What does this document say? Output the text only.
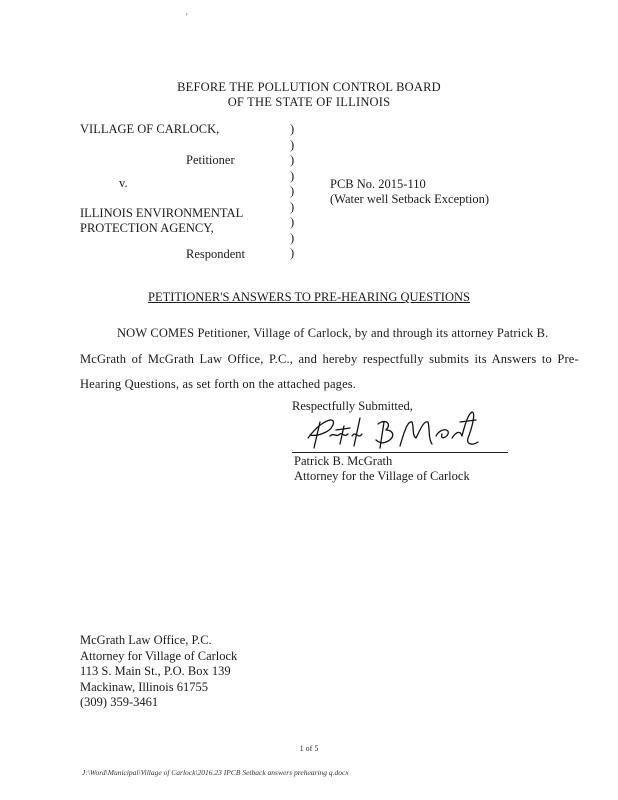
'
BEFORE THE POLLUTION CONTROL BOARD
OF THE STATE OF ILLINOIS
VILLAGE OF CARLOCK,
Petitioner
v.
ILLINOIS ENVIRONMENTAL
PROTECTION AGENCY,
Respondent
)
)
)
)
)
)
)
)
)
PCB No. 2015-110
(Water well Setback Exception)
PETITIONER'S ANSWERS TO PRE-HEARING QUESTIONS
NOW COMES Petitioner, Village of Carlock, by and through its attorney Patrick B.
McGrath of McGrath Law Office, P.C., and hereby respectfully submits its Answers to Pre-
Hearing Questions, as set forth on the attached pages.
Respectfully Submitted,
Patrick B. McGrath
Attorney for the Village of Carlock
McGrath Law Office, P.C.
Attorney for Village of Carlock
113 S. Main St., P.O. Box 139
Mackinaw, Illinois 61755
(309) 359-3461
1 of 5
J:\Word\Municipal\Village of Carlock\2016.23 IPCB Setback answers prehearing q.docx
